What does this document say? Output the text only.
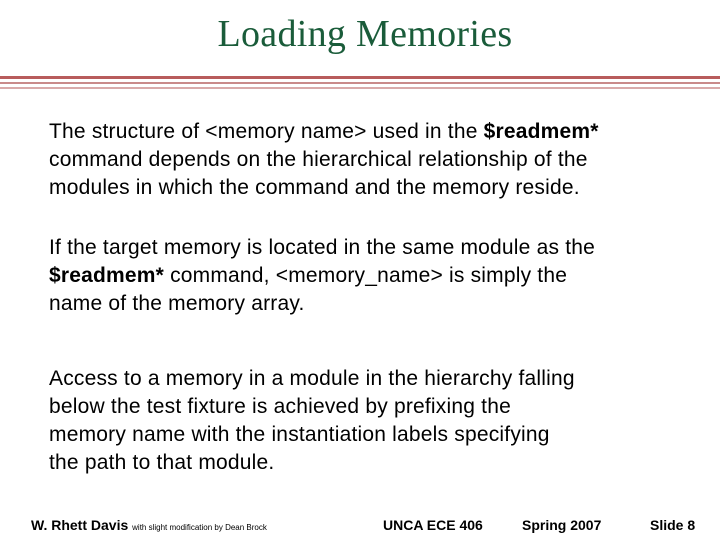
Loading Memories
The structure of <memory name> used in the $readmem*
command depends on the hierarchical relationship of the
modules in which the command and the memory reside.
If the target memory is located in the same module as the
$readmem* command, <memory_name> is simply the
name of the memory array.
Access to a memory in a module in the hierarchy falling
below the test fixture is achieved by prefixing the
memory name with the instantiation labels specifying
the path to that module.
W. Rhett Davis with slight modification by Dean Brock	UNCA ECE 406	Spring 2007	Slide 8
